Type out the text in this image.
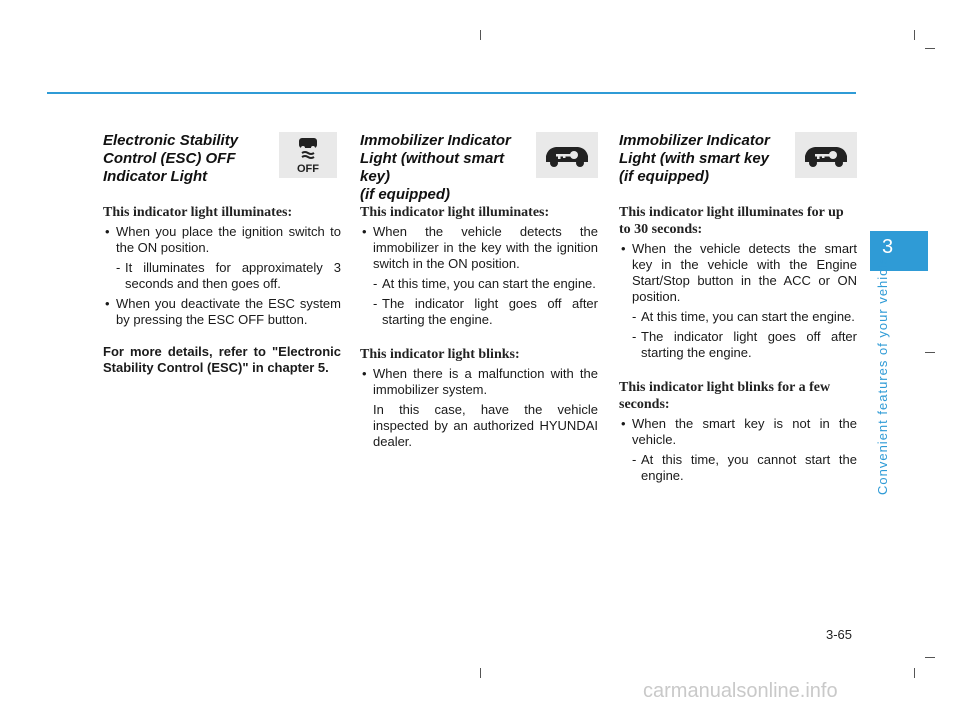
Electronic Stability
Control (ESC) OFF
Indicator Light	OFF
This indicator light illuminates:
• When you place the ignition switch to the ON position.
- It illuminates for approximately 3 seconds and then goes off.
• When you deactivate the ESC system by pressing the ESC OFF button.
For more details, refer to "Electronic Stability Control (ESC)" in chapter 5.
Immobilizer Indicator
Light (without smart key)
(if equipped)
This indicator light illuminates:
• When the vehicle detects the immobilizer in the key with the ignition switch in the ON position.
- At this time, you can start the engine.
- The indicator light goes off after starting the engine.
This indicator light blinks:
• When there is a malfunction with the immobilizer system.
In this case, have the vehicle inspected by an authorized HYUNDAI dealer.
Immobilizer Indicator
Light (with smart key
(if equipped)
This indicator light illuminates for up to 30 seconds:
• When the vehicle detects the smart key in the vehicle with the Engine Start/Stop button in the ACC or ON position.
- At this time, you can start the engine.
- The indicator light goes off after starting the engine.
This indicator light blinks for a few seconds:
• When the smart key is not in the vehicle.
- At this time, you cannot start the engine.
3
Convenient features of your vehicle
3-65
carmanualsonline.info
